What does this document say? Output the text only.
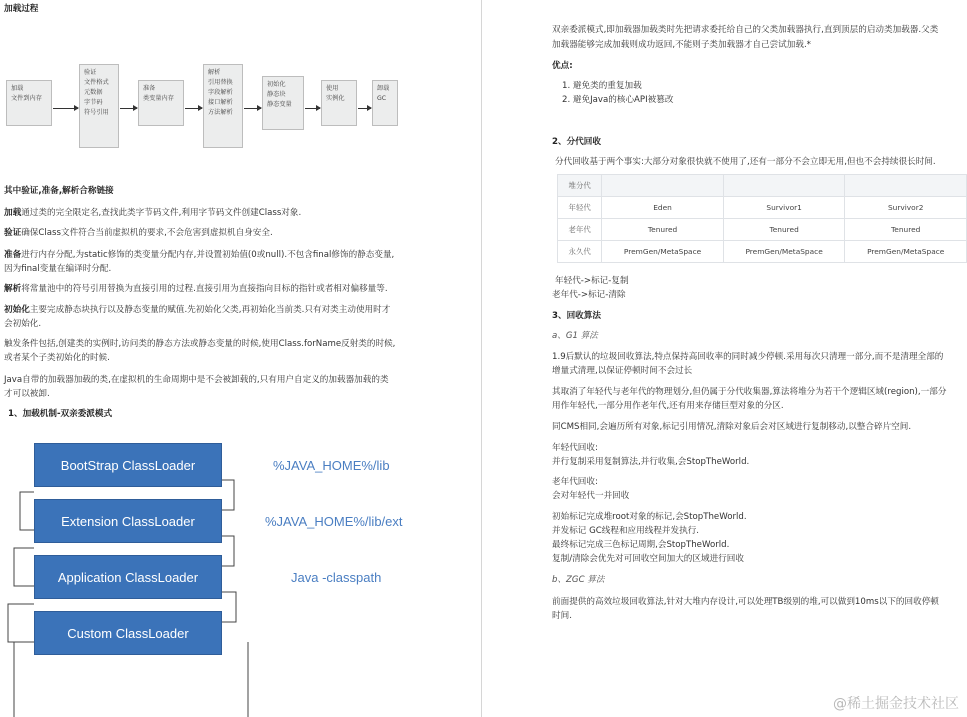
加载过程
加载
文件到内存
验证
文件格式
元数据
字节码
符号引用
准备
类变量内存
解析
引用替换
字段解析
接口解析
方法解析
初始化
静态块
静态变量
使用
实例化
卸载
GC
其中验证,准备,解析合称链接
加载通过类的完全限定名,查找此类字节码文件,利用字节码文件创建Class对象.
验证确保Class文件符合当前虚拟机的要求,不会危害到虚拟机自身安全.
准备进行内存分配,为static修饰的类变量分配内存,并设置初始值(0或null).不包含final修饰的静态变量,
因为final变量在编译时分配.
解析将常量池中的符号引用替换为直接引用的过程.直接引用为直接指向目标的指针或者相对偏移量等.
初始化主要完成静态块执行以及静态变量的赋值.先初始化父类,再初始化当前类.只有对类主动使用时才
会初始化.
触发条件包括,创建类的实例时,访问类的静态方法或静态变量的时候,使用Class.forName反射类的时候,
或者某个子类初始化的时候.
Java自带的加载器加载的类,在虚拟机的生命周期中是不会被卸载的,只有用户自定义的加载器加载的类
才可以被卸.
1、加载机制-双亲委派模式
BootStrap ClassLoader
Extension ClassLoader
Application ClassLoader
Custom ClassLoader
%JAVA_HOME%/lib
%JAVA_HOME%/lib/ext
Java -classpath
双亲委派模式,即加载器加载类时先把请求委托给自己的父类加载器执行,直到顶层的启动类加载器.父类
加载器能够完成加载则成功返回,不能则子类加载器才自己尝试加载.*
优点:
1. 避免类的重复加载
2. 避免Java的核心API被篡改
2、分代回收
分代回收基于两个事实:大部分对象很快就不使用了,还有一部分不会立即无用,但也不会持续很长时间.
堆分代			
年轻代	Eden	Survivor1	Survivor2
老年代	Tenured	Tenured	Tenured
永久代	PremGen/MetaSpace	PremGen/MetaSpace	PremGen/MetaSpace
年轻代->标记-复制
老年代->标记-清除
3、回收算法
a、G1 算法
1.9后默认的垃圾回收算法,特点保持高回收率的同时减少停顿.采用每次只清理一部分,而不是清理全部的
增量式清理,以保证停顿时间不会过长
其取消了年轻代与老年代的物理划分,但仍属于分代收集器,算法将堆分为若干个逻辑区域(region),一部分
用作年轻代,一部分用作老年代,还有用来存储巨型对象的分区.
同CMS相同,会遍历所有对象,标记引用情况,清除对象后会对区域进行复制移动,以整合碎片空间.
年轻代回收:
并行复制采用复制算法,并行收集,会StopTheWorld.
老年代回收:
会对年轻代一并回收
初始标记完成堆root对象的标记,会StopTheWorld.
并发标记 GC线程和应用线程并发执行.
最终标记完成三色标记周期,会StopTheWorld.
复制/清除会优先对可回收空间加大的区域进行回收
b、ZGC 算法
前面提供的高效垃圾回收算法,针对大堆内存设计,可以处理TB级别的堆,可以做到10ms以下的回收停顿
时间.
@稀土掘金技术社区
